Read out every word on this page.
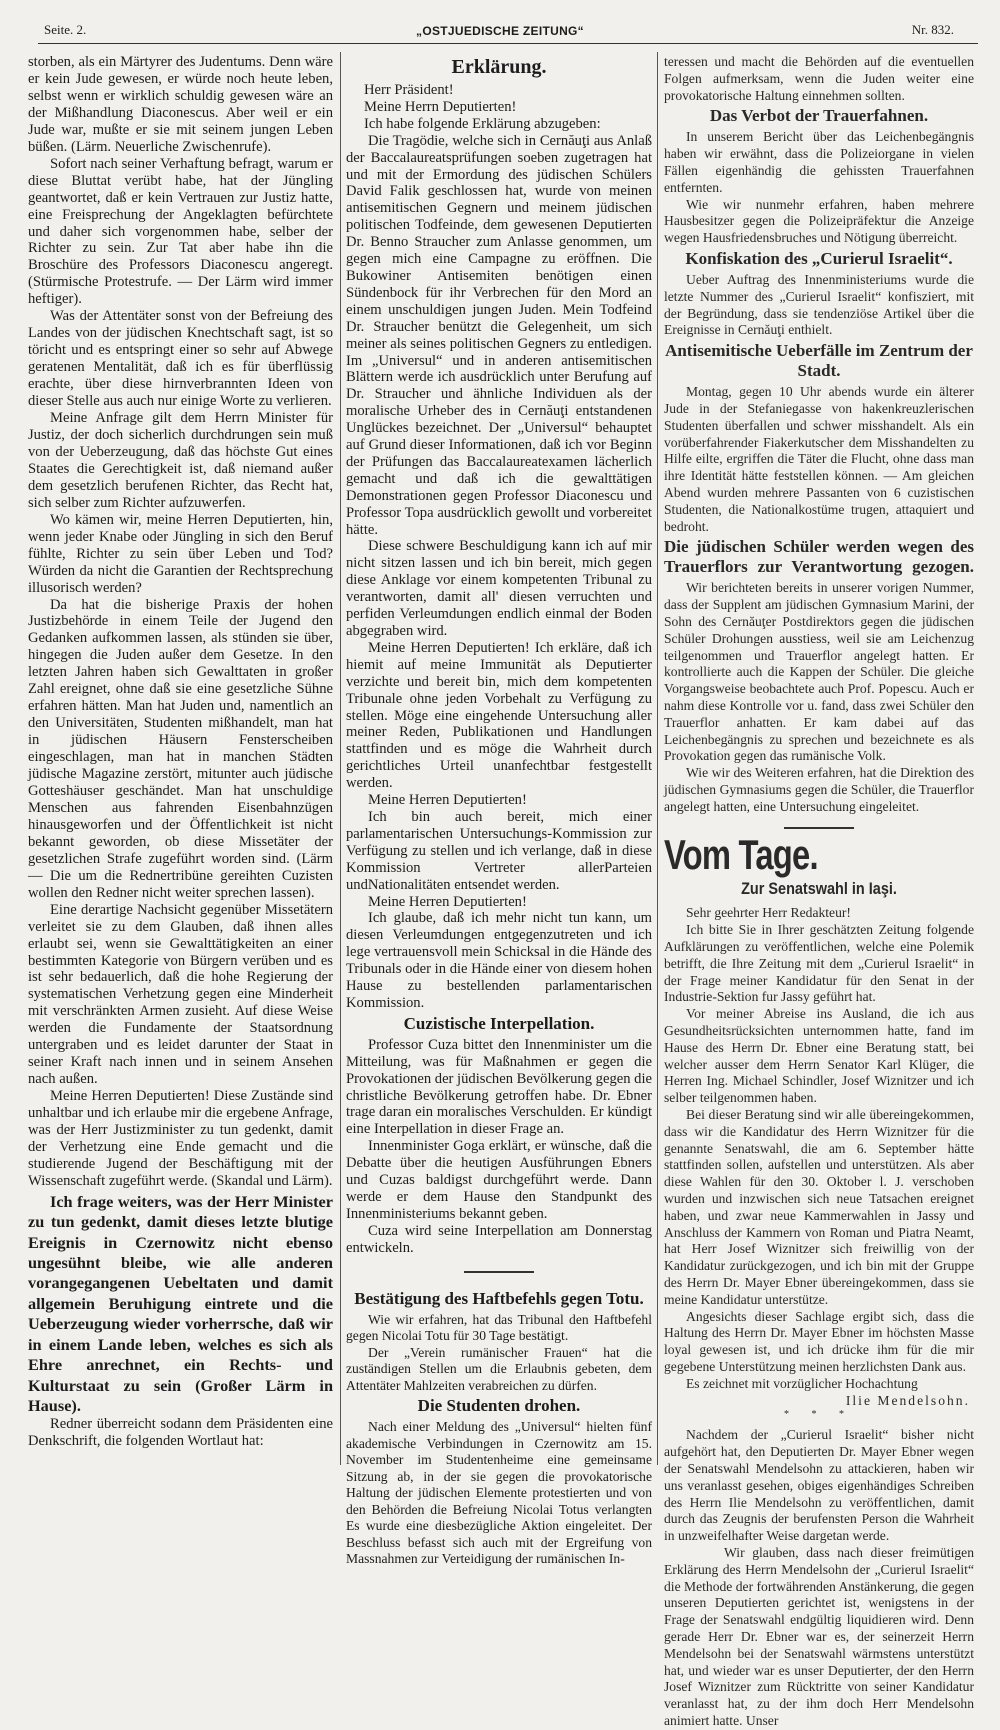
Seite. 2.	„OSTJUEDISCHE ZEITUNG“	Nr. 832.

storben, als ein Märtyrer des Judentums. Denn wäre er kein Jude gewesen, er würde noch heute leben, selbst wenn er wirklich schuldig gewesen wäre an der Mißhandlung Diaconescus. Aber weil er ein Jude war, mußte er sie mit seinem jungen Leben büßen. (Lärm. Neuerliche Zwischenrufe).

Sofort nach seiner Verhaftung befragt, warum er diese Bluttat verübt habe, hat der Jüngling geantwortet, daß er kein Vertrauen zur Justiz hatte, eine Freisprechung der Angeklagten befürchtete und daher sich vorgenommen habe, selber der Richter zu sein. Zur Tat aber habe ihn die Broschüre des Professors Diaconescu angeregt. (Stürmische Protestrufe. — Der Lärm wird immer heftiger).

Was der Attentäter sonst von der Befreiung des Landes von der jüdischen Knechtschaft sagt, ist so töricht und es entspringt einer so sehr auf Abwege geratenen Mentalität, daß ich es für überflüssig erachte, über diese hirnverbrannten Ideen von dieser Stelle aus auch nur einige Worte zu verlieren.

Meine Anfrage gilt dem Herrn Minister für Justiz, der doch sicherlich durchdrungen sein muß von der Ueberzeugung, daß das höchste Gut eines Staates die Gerechtigkeit ist, daß niemand außer dem gesetzlich berufenen Richter, das Recht hat, sich selber zum Richter aufzuwerfen.

Wo kämen wir, meine Herren Deputierten, hin, wenn jeder Knabe oder Jüngling in sich den Beruf fühlte, Richter zu sein über Leben und Tod? Würden da nicht die Garantien der Rechtsprechung illusorisch werden?

Da hat die bisherige Praxis der hohen Justizbehörde in einem Teile der Jugend den Gedanken aufkommen lassen, als stünden sie über, hingegen die Juden außer dem Gesetze. In den letzten Jahren haben sich Gewalttaten in großer Zahl ereignet, ohne daß sie eine gesetzliche Sühne erfahren hätten. Man hat Juden und, namentlich an den Universitäten, Studenten mißhandelt, man hat in jüdischen Häusern Fensterscheiben eingeschlagen, man hat in manchen Städten jüdische Magazine zerstört, mitunter auch jüdische Gotteshäuser geschändet. Man hat unschuldige Menschen aus fahrenden Eisenbahnzügen hinausgeworfen und der Öffentlichkeit ist nicht bekannt geworden, ob diese Missetäter der gesetzlichen Strafe zugeführt worden sind. (Lärm — Die um die Rednertribüne gereihten Cuzisten wollen den Redner nicht weiter sprechen lassen).

Eine derartige Nachsicht gegenüber Missetätern verleitet sie zu dem Glauben, daß ihnen alles erlaubt sei, wenn sie Gewalttätigkeiten an einer bestimmten Kategorie von Bürgern verüben und es ist sehr bedauerlich, daß die hohe Regierung der systematischen Verhetzung gegen eine Minderheit mit verschränkten Armen zusieht. Auf diese Weise werden die Fundamente der Staatsordnung untergraben und es leidet darunter der Staat in seiner Kraft nach innen und in seinem Ansehen nach außen.

Meine Herren Deputierten! Diese Zustände sind unhaltbar und ich erlaube mir die ergebene Anfrage, was der Herr Justizminister zu tun gedenkt, damit der Verhetzung eine Ende gemacht und die studierende Jugend der Beschäftigung mit der Wissenschaft zugeführt werde. (Skandal und Lärm).

Ich frage weiters, was der Herr Minister zu tun gedenkt, damit dieses letzte blutige Ereignis in Czernowitz nicht ebenso ungesühnt bleibe, wie alle anderen vorangegangenen Uebeltaten und damit allgemein Beruhigung eintrete und die Ueberzeugung wieder vorherrsche, daß wir in einem Lande leben, welches es sich als Ehre anrechnet, ein Rechts- und Kulturstaat zu sein (Großer Lärm in Hause).

Redner überreicht sodann dem Präsidenten eine Denkschrift, die folgenden Wortlaut hat:

Erklärung.

Herr Präsident!

Meine Herrn Deputierten!

Ich habe folgende Erklärung abzugeben:

Die Tragödie, welche sich in Cernăuţi aus Anlaß der Baccalaureatsprüfungen soeben zugetragen hat und mit der Ermordung des jüdischen Schülers David Falik geschlossen hat, wurde von meinen antisemitischen Gegnern und meinem jüdischen politischen Todfeinde, dem gewesenen Deputierten Dr. Benno Straucher zum Anlasse genommen, um gegen mich eine Campagne zu eröffnen. Die Bukowiner Antisemiten benötigen einen Sündenbock für ihr Verbrechen für den Mord an einem unschuldigen jungen Juden. Mein Todfeind Dr. Straucher benützt die Gelegenheit, um sich meiner als seines politischen Gegners zu entledigen. Im „Universul“ und in anderen antisemitischen Blättern werde ich ausdrücklich unter Berufung auf Dr. Straucher und ähnliche Individuen als der moralische Urheber des in Cernăuţi entstandenen Unglückes bezeichnet. Der „Universul“ behauptet auf Grund dieser Informationen, daß ich vor Beginn der Prüfungen das Baccalaureatexamen lächerlich gemacht und daß ich die gewalttätigen Demonstrationen gegen Professor Diaconescu und Professor Topa ausdrücklich gewollt und vorbereitet hätte.

Diese schwere Beschuldigung kann ich auf mir nicht sitzen lassen und ich bin bereit, mich gegen diese Anklage vor einem kompetenten Tribunal zu verantworten, damit all' diesen verruchten und perfiden Verleumdungen endlich einmal der Boden abgegraben wird.

Meine Herren Deputierten! Ich erkläre, daß ich hiemit auf meine Immunität als Deputierter verzichte und bereit bin, mich dem kompetenten Tribunale ohne jeden Vorbehalt zu Verfügung zu stellen. Möge eine eingehende Untersuchung aller meiner Reden, Publikationen und Handlungen stattfinden und es möge die Wahrheit durch gerichtliches Urteil unanfechtbar festgestellt werden.

Meine Herren Deputierten!

Ich bin auch bereit, mich einer parlamentarischen Untersuchungs-Kommission zur Verfügung zu stellen und ich verlange, daß in diese Kommission Vertreter allerParteien undNationalitäten entsendet werden.

Meine Herren Deputierten!

Ich glaube, daß ich mehr nicht tun kann, um diesen Verleumdungen entgegenzutreten und ich lege vertrauensvoll mein Schicksal in die Hände des Tribunals oder in die Hände einer von diesem hohen Hause zu bestellenden parlamentarischen Kommission.

Cuzistische Interpellation.

Professor Cuza bittet den Innenminister um die Mitteilung, was für Maßnahmen er gegen die Provokationen der jüdischen Bevölkerung gegen die christliche Bevölkerung getroffen habe. Dr. Ebner trage daran ein moralisches Verschulden. Er kündigt eine Interpellation in dieser Frage an.

Innenminister Goga erklärt, er wünsche, daß die Debatte über die heutigen Ausführungen Ebners und Cuzas baldigst durchgeführt werde. Dann werde er dem Hause den Standpunkt des Innenministeriums bekannt geben.

Cuza wird seine Interpellation am Donnerstag entwickeln.

Bestätigung des Haftbefehls gegen Totu.

Wie wir erfahren, hat das Tribunal den Haftbefehl gegen Nicolai Totu für 30 Tage bestätigt.

Der „Verein rumänischer Frauen“ hat die zuständigen Stellen um die Erlaubnis gebeten, dem Attentäter Mahlzeiten verabreichen zu dürfen.

Die Studenten drohen.

Nach einer Meldung des „Universul“ hielten fünf akademische Verbindungen in Czernowitz am 15. November im Studentenheime eine gemeinsame Sitzung ab, in der sie gegen die provokatorische Haltung der jüdischen Elemente protestierten und von den Behörden die Befreiung Nicolai Totus verlangten Es wurde eine diesbezügliche Aktion eingeleitet. Der Beschluss befasst sich auch mit der Ergreifung von Massnahmen zur Verteidigung der rumänischen In-

teressen und macht die Behörden auf die eventuellen Folgen aufmerksam, wenn die Juden weiter eine provokatorische Haltung einnehmen sollten.

Das Verbot der Trauerfahnen.

In unserem Bericht über das Leichenbegängnis haben wir erwähnt, dass die Polizeiorgane in vielen Fällen eigenhändig die gehissten Trauerfahnen entfernten.

Wie wir nunmehr erfahren, haben mehrere Hausbesitzer gegen die Polizeipräfektur die Anzeige wegen Hausfriedensbruches und Nötigung überreicht.

Konfiskation des „Curierul Israelit“.

Ueber Auftrag des Innenministeriums wurde die letzte Nummer des „Curierul Israelit“ konfisziert, mit der Begründung, dass sie tendenziöse Artikel über die Ereignisse in Cernăuţi enthielt.

Antisemitische Ueberfälle im Zentrum der Stadt.

Montag, gegen 10 Uhr abends wurde ein älterer Jude in der Stefaniegasse von hakenkreuzlerischen Studenten überfallen und schwer misshandelt. Als ein vorüberfahrender Fiakerkutscher dem Misshandelten zu Hilfe eilte, ergriffen die Täter die Flucht, ohne dass man ihre Identität hätte feststellen können. — Am gleichen Abend wurden mehrere Passanten von 6 cuzistischen Studenten, die Nationalkostüme trugen, attaquiert und bedroht.

Die jüdischen Schüler werden wegen des Trauerflors zur Verantwortung gezogen.

Wir berichteten bereits in unserer vorigen Nummer, dass der Supplent am jüdischen Gymnasium Marini, der Sohn des Cernăuţer Postdirektors gegen die jüdischen Schüler Drohungen ausstiess, weil sie am Leichenzug teilgenommen und Trauerflor angelegt hatten. Er kontrollierte auch die Kappen der Schüler. Die gleiche Vorgangsweise beobachtete auch Prof. Popescu. Auch er nahm diese Kontrolle vor u. fand, dass zwei Schüler den Trauerflor anhatten. Er kam dabei auf das Leichenbegängnis zu sprechen und bezeichnete es als Provokation gegen das rumänische Volk.

Wie wir des Weiteren erfahren, hat die Direktion des jüdischen Gymnasiums gegen die Schüler, die Trauerflor angelegt hatten, eine Untersuchung eingeleitet.

Vom Tage.
Zur Senatswahl in Iaşi.

Sehr geehrter Herr Redakteur!

Ich bitte Sie in Ihrer geschätzten Zeitung folgende Aufklärungen zu veröffentlichen, welche eine Polemik betrifft, die Ihre Zeitung mit dem „Curierul Israelit“ in der Frage meiner Kandidatur für den Senat in der Industrie-Sektion fur Jassy geführt hat.

Vor meiner Abreise ins Ausland, die ich aus Gesundheitsrücksichten unternommen hatte, fand im Hause des Herrn Dr. Ebner eine Beratung statt, bei welcher ausser dem Herrn Senator Karl Klüger, die Herren Ing. Michael Schindler, Josef Wiznitzer und ich selber teilgenommen haben.

Bei dieser Beratung sind wir alle übereingekommen, dass wir die Kandidatur des Herrn Wiznitzer für die genannte Senatswahl, die am 6. September hätte stattfinden sollen, aufstellen und unterstützen. Als aber diese Wahlen für den 30. Oktober l. J. verschoben wurden und inzwischen sich neue Tatsachen ereignet haben, und zwar neue Kammerwahlen in Jassy und Anschluss der Kammern von Roman und Piatra Neamt, hat Herr Josef Wiznitzer sich freiwillig von der Kandidatur zurückgezogen, und ich bin mit der Gruppe des Herrn Dr. Mayer Ebner übereingekommen, dass sie meine Kandidatur unterstütze.

Angesichts dieser Sachlage ergibt sich, dass die Haltung des Herrn Dr. Mayer Ebner im höchsten Masse loyal gewesen ist, und ich drücke ihm für die mir gegebene Unterstützung meinen herzlichsten Dank aus.

Es zeichnet mit vorzüglicher Hochachtung

Ilie Mendelsohn.
* * *

Nachdem der „Curierul Israelit“ bisher nicht aufgehört hat, den Deputierten Dr. Mayer Ebner wegen der Senatswahl Mendelsohn zu attackieren, haben wir uns veranlasst gesehen, obiges eigenhändiges Schreiben des Herrn Ilie Mendelsohn zu veröffentlichen, damit durch das Zeugnis der berufensten Person die Wahrheit in unzweifelhafter Weise dargetan werde.

Wir glauben, dass nach dieser freimütigen Erklärung des Herrn Mendelsohn der „Curierul Israelit“ die Methode der fortwährenden Anstänkerung, die gegen unseren Deputierten gerichtet ist, wenigstens in der Frage der Senatswahl endgültig liquidieren wird. Denn gerade Herr Dr. Ebner war es, der seinerzeit Herrn Mendelsohn bei der Senatswahl wärmstens unterstützt hat, und wieder war es unser Deputierter, der den Herrn Josef Wiznitzer zum Rücktritte von seiner Kandidatur veranlasst hat, zu der ihm doch Herr Mendelsohn animiert hatte. Unser
